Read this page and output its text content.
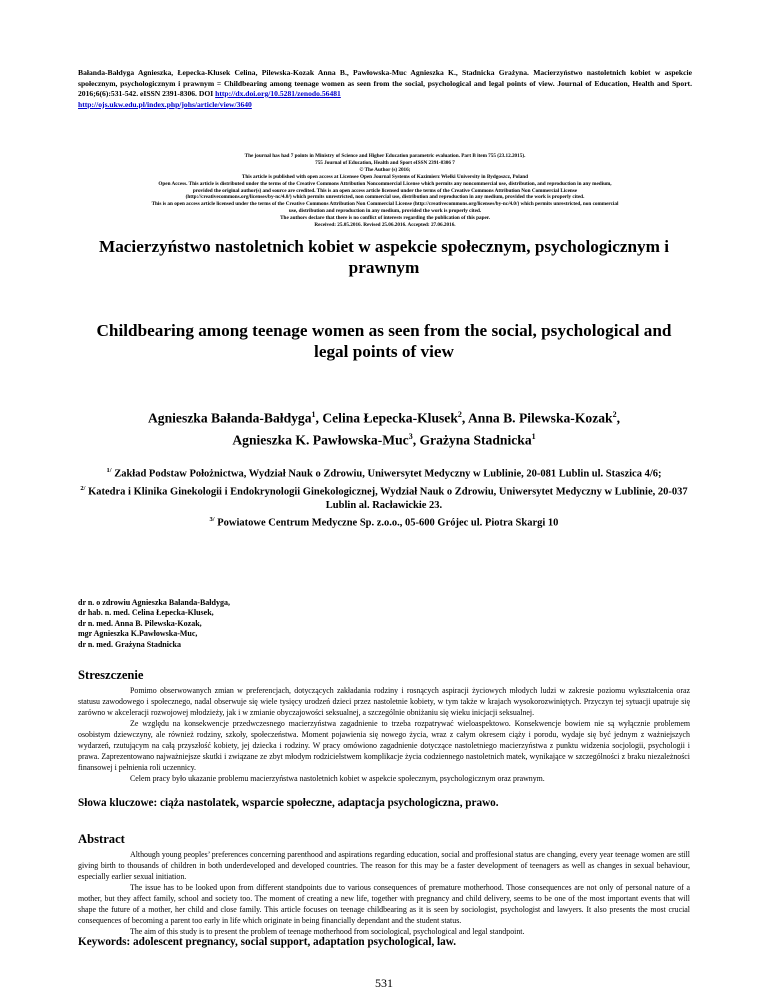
Bałanda-Bałdyga Agnieszka, Łepecka-Klusek Celina, Pilewska-Kozak Anna B., Pawłowska-Muc Agnieszka K., Stadnicka Grażyna. Macierzyństwo nastoletnich kobiet w aspekcie społecznym, psychologicznym i prawnym = Childbearing among teenage women as seen from the social, psychological and legal points of view. Journal of Education, Health and Sport. 2016;6(6):531-542. eISSN 2391-8306. DOI http://dx.doi.org/10.5281/zenodo.56481
http://ojs.ukw.edu.pl/index.php/johs/article/view/3640
The journal has had 7 points in Ministry of Science and Higher Education parametric evaluation. Part B item 755 (23.12.2015).
755 Journal of Education, Health and Sport eISSN 2391-8306 7
© The Author (s) 2016;
This article is published with open access at Licensee Open Journal Systems of Kazimierz Wielki University in Bydgoszcz, Poland
Open Access. This article is distributed under the terms of the Creative Commons Attribution Noncommercial License which permits any noncommercial use, distribution, and reproduction in any medium,
provided the original author(s) and source are credited. This is an open access article licensed under the terms of the Creative Commons Attribution Non Commercial License
(http://creativecommons.org/licenses/by-nc/4.0/) which permits unrestricted, non commercial use, distribution and reproduction in any medium, provided the work is properly cited.
This is an open access article licensed under the terms of the Creative Commons Attribution Non Commercial License (http://creativecommons.org/licenses/by-nc/4.0/) which permits unrestricted, non commercial
use, distribution and reproduction in any medium, provided the work is properly cited.
The authors declare that there is no conflict of interests regarding the publication of this paper.
Received: 25.05.2016. Revised 25.06.2016. Accepted: 27.06.2016.
Macierzyństwo nastoletnich kobiet w aspekcie społecznym, psychologicznym i prawnym
Childbearing among teenage women as seen from the social, psychological and legal points of view
Agnieszka Bałanda-Bałdyga$^1$, Celina Łepecka-Klusek$^2$, Anna B. Pilewska-Kozak$^2$,
Agnieszka K. Pawłowska-Muc$^3$, Grażyna Stadnicka$^1$
$^{1/}$ Zakład Podstaw Położnictwa, Wydział Nauk o Zdrowiu, Uniwersytet Medyczny w Lublinie, 20-081 Lublin ul. Staszica 4/6;
$^{2/}$ Katedra i Klinika Ginekologii i Endokrynologii Ginekologicznej, Wydział Nauk o Zdrowiu, Uniwersytet Medyczny w Lublinie, 20-037 Lublin al. Racławickie 23.
$^{3/}$ Powiatowe Centrum Medyczne Sp. z.o.o., 05-600 Grójec ul. Piotra Skargi 10
dr n. o zdrowiu Agnieszka Bałanda-Bałdyga,
dr hab. n. med. Celina Łepecka-Klusek,
dr n. med. Anna B. Pilewska-Kozak,
mgr Agnieszka K.Pawłowska-Muc,
dr n. med. Grażyna Stadnicka
Streszczenie

Pomimo obserwowanych zmian w preferencjach, dotyczących zakładania rodziny i rosnących aspiracji życiowych młodych ludzi w zakresie poziomu wykształcenia oraz statusu zawodowego i społecznego, nadal obserwuje się wiele tysięcy urodzeń dzieci przez nastoletnie kobiety, w tym także w krajach wysokorozwiniętych. Przyczyn tej sytuacji upatruje się zarówno w akceleracji rozwojowej młodzieży, jak i w zmianie obyczajowości seksualnej, a szczególnie obniżaniu się wieku inicjacji seksualnej.

Ze względu na konsekwencje przedwczesnego macierzyństwa zagadnienie to trzeba rozpatrywać wieloaspektowo. Konsekwencje bowiem nie są wyłącznie problemem osobistym dziewczyny, ale również rodziny, szkoły, społeczeństwa. Moment pojawienia się nowego życia, wraz z całym okresem ciąży i porodu, wydaje się być jednym z ważniejszych wydarzeń, rzutującym na całą przyszłość kobiety, jej dziecka i rodziny. W pracy omówiono zagadnienie dotyczące nastoletniego macierzyństwa z punktu widzenia socjologii, psychologii i prawa. Zaprezentowano najważniejsze skutki i związane ze zbyt młodym rodzicielstwem komplikacje życia codziennego nastoletnich matek, wynikające w szczególności z braku niezależności finansowej i pełnienia roli uczennicy.

Celem pracy było ukazanie problemu macierzyństwa nastoletnich kobiet w aspekcie społecznym, psychologicznym oraz prawnym.

Słowa kluczowe: ciąża nastolatek, wsparcie społeczne, adaptacja psychologiczna, prawo.
Abstract

Although young peoples’ preferences concerning parenthood and aspirations regarding education, social and proffesional status are changing, every year teenage women are still giving birth to thousands of children in both underdeveloped and developed countries. The reason for this may be a faster development of teenagers as well as changes in sexual behaviour, especially earlier sexual initiation.

The issue has to be looked upon from different standpoints due to various consequences of premature motherhood. Those consequences are not only of personal nature of a mother, but they affect family, school and society too. The moment of creating a new life, together with pregnancy and child delivery, seems to be one of the most important events that will shape the future of a mother, her child and close family. This article focuses on teenage childbearing as it is seen by sociologist, psychologist and lawyers. It also presents the most crucial consequences of becoming a parent too early in life which originate in being financially dependant and the student status.

The aim of this study is to present the problem of teenage motherhood from sociological, psychological and legal standpoint.

Keywords: adolescent pregnancy, social support, adaptation psychological, law.
531
